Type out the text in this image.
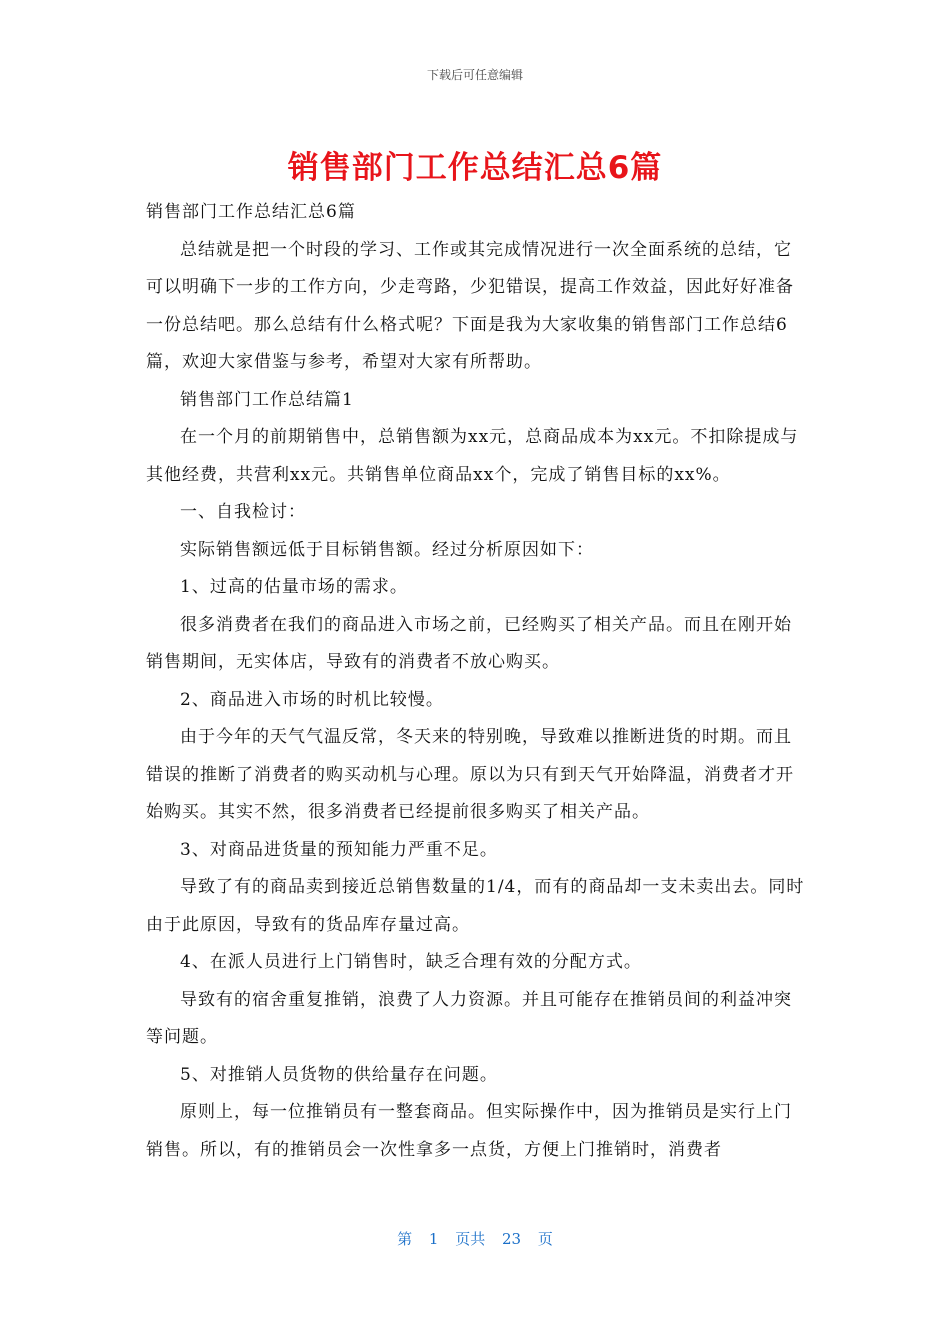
下载后可任意编辑
销售部门工作总结汇总6篇

销售部门工作总结汇总6篇

总结就是把一个时段的学习、工作或其完成情况进行一次全面系统的总结，它可以明确下一步的工作方向，少走弯路，少犯错误，提高工作效益，因此好好准备一份总结吧。那么总结有什么格式呢？下面是我为大家收集的销售部门工作总结6篇，欢迎大家借鉴与参考，希望对大家有所帮助。

销售部门工作总结篇1

在一个月的前期销售中，总销售额为xx元，总商品成本为xx元。不扣除提成与其他经费，共营利xx元。共销售单位商品xx个，完成了销售目标的xx%。

一、自我检讨：

实际销售额远低于目标销售额。经过分析原因如下：

1、过高的估量市场的需求。

很多消费者在我们的商品进入市场之前，已经购买了相关产品。而且在刚开始销售期间，无实体店，导致有的消费者不放心购买。

2、商品进入市场的时机比较慢。

由于今年的天气气温反常，冬天来的特别晚，导致难以推断进货的时期。而且错误的推断了消费者的购买动机与心理。原以为只有到天气开始降温，消费者才开始购买。其实不然，很多消费者已经提前很多购买了相关产品。

3、对商品进货量的预知能力严重不足。

导致了有的商品卖到接近总销售数量的1/4，而有的商品却一支未卖出去。同时由于此原因，导致有的货品库存量过高。

4、在派人员进行上门销售时，缺乏合理有效的分配方式。

导致有的宿舍重复推销，浪费了人力资源。并且可能存在推销员间的利益冲突等问题。

5、对推销人员货物的供给量存在问题。

原则上，每一位推销员有一整套商品。但实际操作中，因为推销员是实行上门销售。所以，有的推销员会一次性拿多一点货，方便上门推销时，消费者

第 1 页共 23 页
